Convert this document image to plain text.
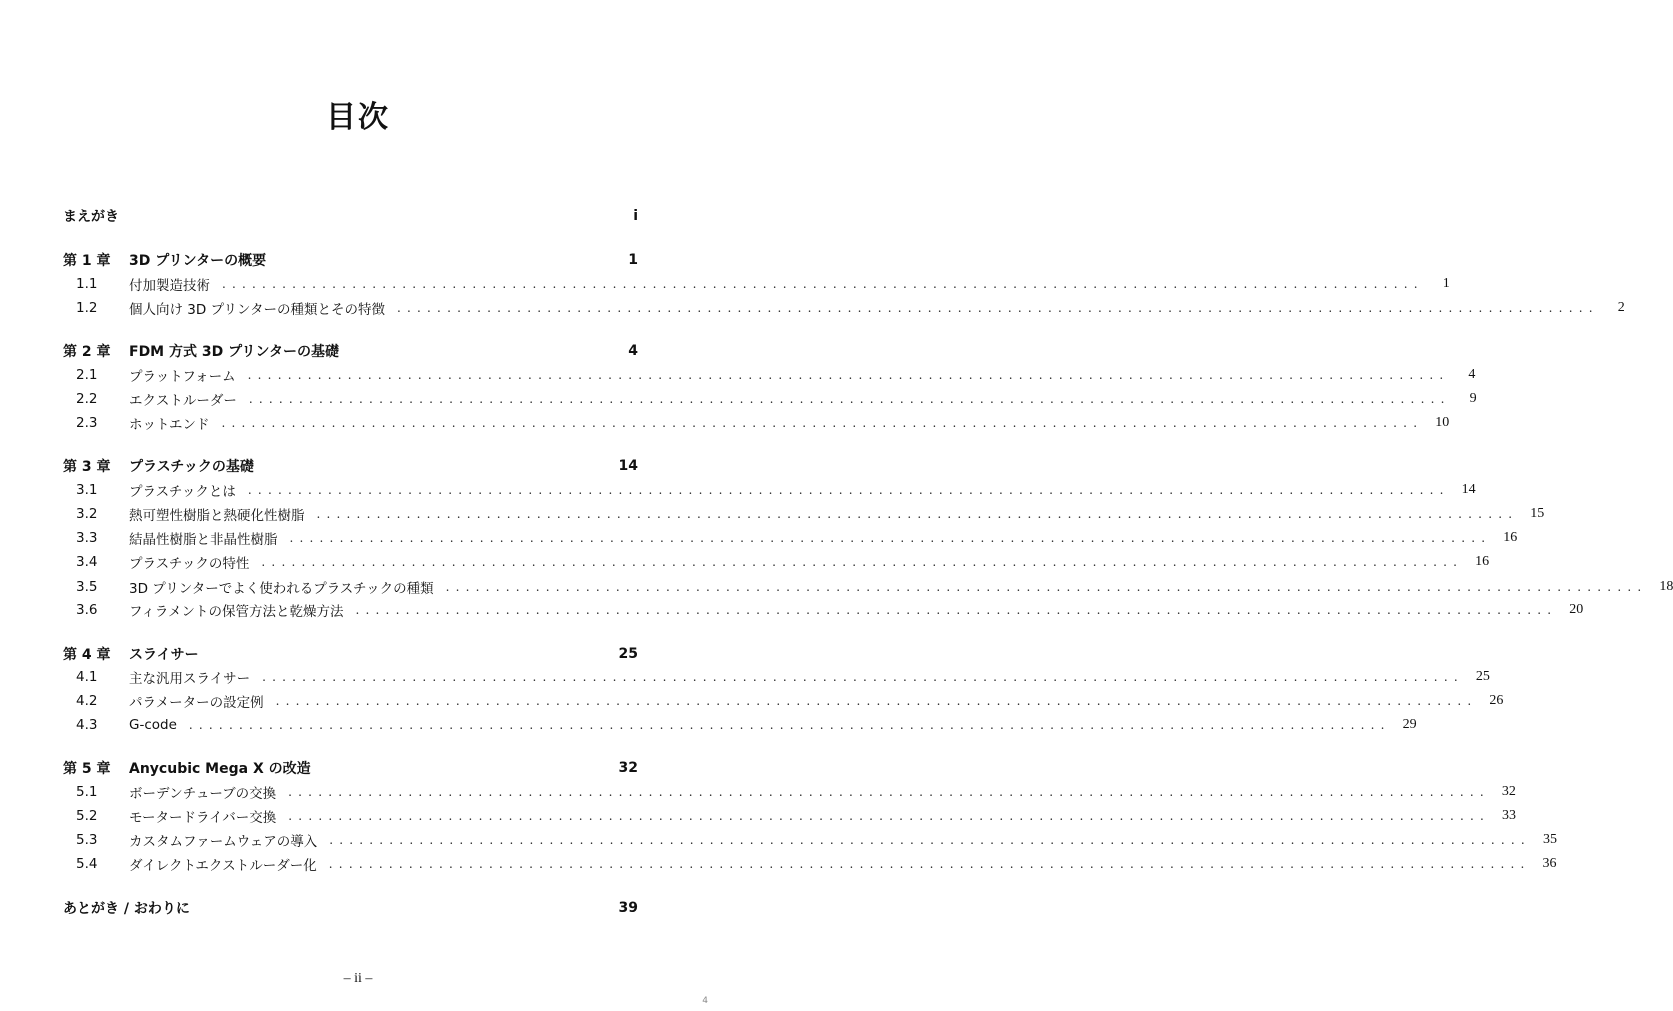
目次
まえがき	i
第 1 章	3D プリンターの概要	1
1.1	付加製造技術 ........................................................................................................................	1
1.2	個人向け 3D プリンターの種類とその特徴 ........................................................................................................................	2
第 2 章	FDM 方式 3D プリンターの基礎	4
2.1	プラットフォーム ........................................................................................................................	4
2.2	エクストルーダー ........................................................................................................................	9
2.3	ホットエンド ........................................................................................................................ 10
第 3 章	プラスチックの基礎	14
3.1	プラスチックとは ........................................................................................................................ 14
3.2	熱可塑性樹脂と熱硬化性樹脂 ........................................................................................................................ 15
3.3	結晶性樹脂と非晶性樹脂 ........................................................................................................................ 16
3.4	プラスチックの特性 ........................................................................................................................ 16
3.5	3D プリンターでよく使われるプラスチックの種類 ........................................................................................................................ 18
3.6	フィラメントの保管方法と乾燥方法 ........................................................................................................................ 20
第 4 章	スライサー	25
4.1	主な汎用スライサー ........................................................................................................................ 25
4.2	パラメーターの設定例 ........................................................................................................................ 26
4.3	G-code ........................................................................................................................ 29
第 5 章	Anycubic Mega X の改造	32
5.1	ボーデンチューブの交換 ........................................................................................................................ 32
5.2	モータードライバー交換 ........................................................................................................................ 33
5.3	カスタムファームウェアの導入 ........................................................................................................................ 35
5.4	ダイレクトエクストルーダー化 ........................................................................................................................ 36
あとがき / おわりに	39
– ii –
4
